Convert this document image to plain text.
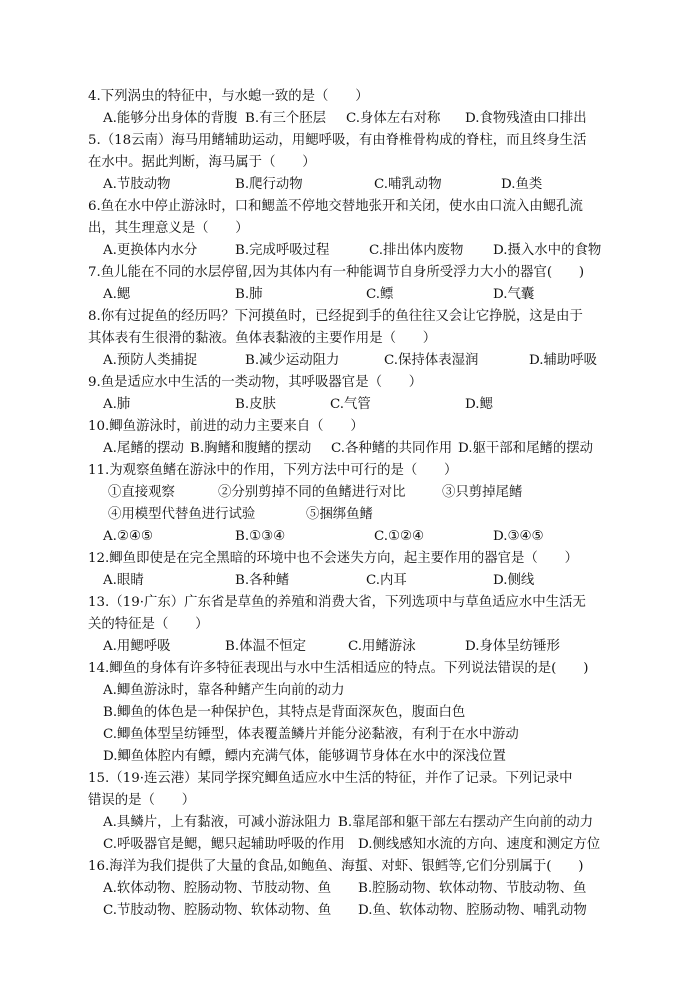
4.下列涡虫的特征中，与水螅一致的是（　　）
A.能够分出身体的背腹 B.有三个胚层 C.身体左右对称 D.食物残渣由口排出
5.（18云南）海马用鳍辅助运动，用鳃呼吸，有由脊椎骨构成的脊柱，而且终身生活
在水中。据此判断，海马属于（　　）
A.节肢动物	B.爬行动物	C.哺乳动物	D.鱼类
6.鱼在水中停止游泳时，口和鳃盖不停地交替地张开和关闭，使水由口流入由鳃孔流
出，其生理意义是（　　）
A.更换体内水分	B.完成呼吸过程	C.排出体内废物 D.摄入水中的食物
7.鱼儿能在不同的水层停留,因为其体内有一种能调节自身所受浮力大小的器官(　　)
A.鳃	B.肺	C.鳔	D.气囊
8.你有过捉鱼的经历吗？下河摸鱼时，已经捉到手的鱼往往又会让它挣脱，这是由于
其体表有生很滑的黏液。鱼体表黏液的主要作用是（　　）
A.预防人类捕捉	B.减少运动阻力	C.保持体表湿润	D.辅助呼吸
9.鱼是适应水中生活的一类动物，其呼吸器官是（　　）
A.肺	B.皮肤	C.气管	D.鳃
10.鲫鱼游泳时，前进的动力主要来自（　　）
A.尾鳍的摆动 B.胸鳍和腹鳍的摆动 C.各种鳍的共同作用 D.躯干部和尾鳍的摆动
11.为观察鱼鳍在游泳中的作用，下列方法中可行的是（　　）
①直接观察	②分别剪掉不同的鱼鳍进行对比	③只剪掉尾鳍
④用模型代替鱼进行试验	⑤捆绑鱼鳍
A.②④⑤	B.①③④	C.①②④	D.③④⑤
12.鲫鱼即使是在完全黑暗的环境中也不会迷失方向，起主要作用的器官是（　　）
A.眼睛	B.各种鳍	C.内耳	D.侧线
13.（19·广东）广东省是草鱼的养殖和消费大省，下列选项中与草鱼适应水中生活无
关的特征是（　　）
A.用鳃呼吸	B.体温不恒定	C.用鳍游泳	D.身体呈纺锤形
14.鲫鱼的身体有许多特征表现出与水中生活相适应的特点。下列说法错误的是(　　)
A.鲫鱼游泳时，靠各种鳍产生向前的动力
B.鲫鱼的体色是一种保护色，其特点是背面深灰色，腹面白色
C.鲫鱼体型呈纺锤型，体表覆盖鳞片并能分泌黏液，有利于在水中游动
D.鲫鱼体腔内有鳔，鳔内充满气体，能够调节身体在水中的深浅位置
15.（19·连云港）某同学探究鲫鱼适应水中生活的特征，并作了记录。下列记录中
错误的是（　　）
A.具鳞片，上有黏液，可减小游泳阻力 B.靠尾部和躯干部左右摆动产生向前的动力
C.呼吸器官是鳃，鳃只起辅助呼吸的作用 D.侧线感知水流的方向、速度和测定方位
16.海洋为我们提供了大量的食品,如鲍鱼、海蜇、对虾、银鳕等,它们分别属于(　　)
A.软体动物、腔肠动物、节肢动物、鱼 B.腔肠动物、软体动物、节肢动物、鱼
C.节肢动物、腔肠动物、软体动物、鱼 D.鱼、软体动物、腔肠动物、哺乳动物
